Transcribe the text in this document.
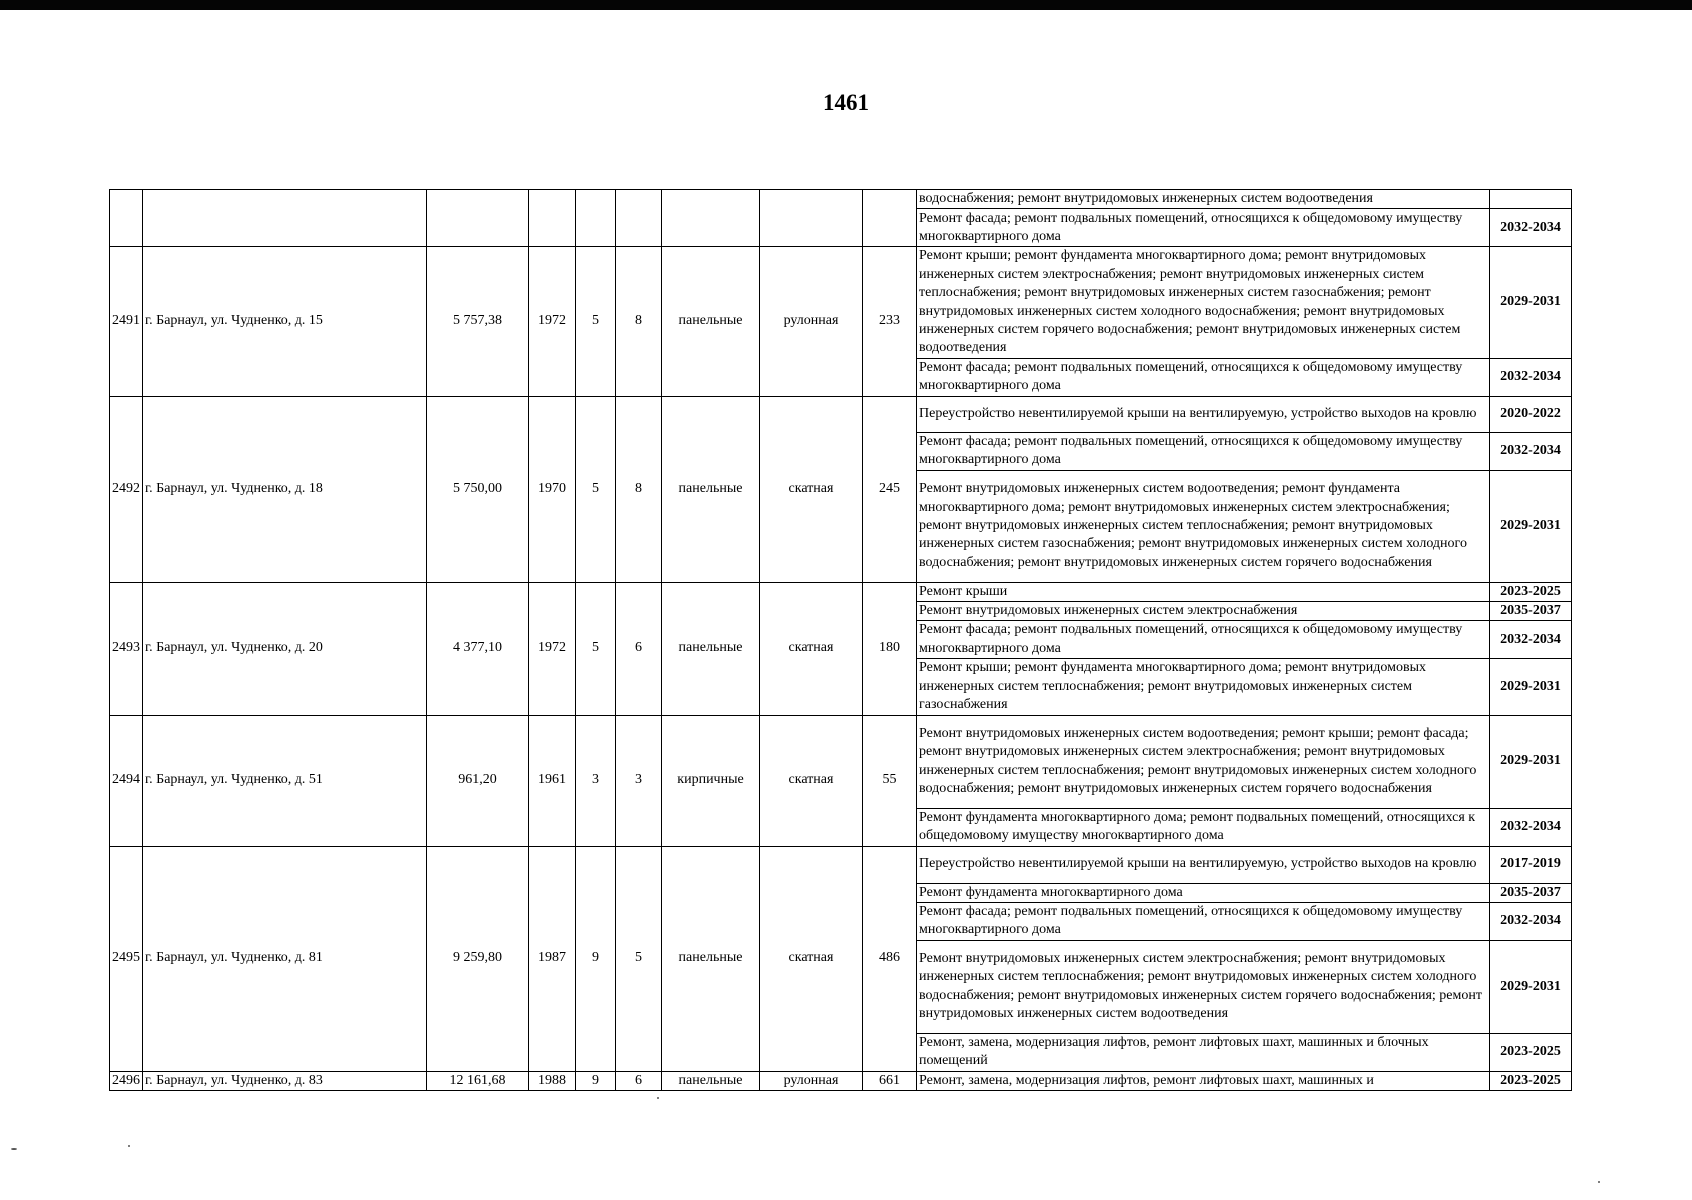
1461
									водоснабжения; ремонт внутридомовых инженерных систем водоотведения	
									Ремонт фасада; ремонт подвальных помещений, относящихся к общедомовому имуществу многоквартирного дома	2032-2034
2491	г. Барнаул, ул. Чудненко, д. 15	5 757,38	1972	5	8	панельные	рулонная	233	Ремонт крыши; ремонт фундамента многоквартирного дома; ремонт внутридомовых инженерных систем электроснабжения; ремонт внутридомовых инженерных систем теплоснабжения; ремонт внутридомовых инженерных систем газоснабжения; ремонт внутридомовых инженерных систем холодного водоснабжения; ремонт внутридомовых инженерных систем горячего водоснабжения; ремонт внутридомовых инженерных систем водоотведения	2029-2031
									Ремонт фасада; ремонт подвальных помещений, относящихся к общедомовому имуществу многоквартирного дома	2032-2034
2492	г. Барнаул, ул. Чудненко, д. 18	5 750,00	1970	5	8	панельные	скатная	245	Переустройство невентилируемой крыши на вентилируемую, устройство выходов на кровлю	2020-2022
									Ремонт фасада; ремонт подвальных помещений, относящихся к общедомовому имуществу многоквартирного дома	2032-2034
									Ремонт внутридомовых инженерных систем водоотведения; ремонт фундамента многоквартирного дома; ремонт внутридомовых инженерных систем электроснабжения; ремонт внутридомовых инженерных систем теплоснабжения; ремонт внутридомовых инженерных систем газоснабжения; ремонт внутридомовых инженерных систем холодного водоснабжения; ремонт внутридомовых инженерных систем горячего водоснабжения	2029-2031
2493	г. Барнаул, ул. Чудненко, д. 20	4 377,10	1972	5	6	панельные	скатная	180	Ремонт крыши	2023-2025
									Ремонт внутридомовых инженерных систем электроснабжения	2035-2037
									Ремонт фасада; ремонт подвальных помещений, относящихся к общедомовому имуществу многоквартирного дома	2032-2034
									Ремонт крыши; ремонт фундамента многоквартирного дома; ремонт внутридомовых инженерных систем теплоснабжения; ремонт внутридомовых инженерных систем газоснабжения	2029-2031
2494	г. Барнаул, ул. Чудненко, д. 51	961,20	1961	3	3	кирпичные	скатная	55	Ремонт внутридомовых инженерных систем водоотведения; ремонт крыши; ремонт фасада; ремонт внутридомовых инженерных систем электроснабжения; ремонт внутридомовых инженерных систем теплоснабжения; ремонт внутридомовых инженерных систем холодного водоснабжения; ремонт внутридомовых инженерных систем горячего водоснабжения	2029-2031
									Ремонт фундамента многоквартирного дома; ремонт подвальных помещений, относящихся к общедомовому имуществу многоквартирного дома	2032-2034
2495	г. Барнаул, ул. Чудненко, д. 81	9 259,80	1987	9	5	панельные	скатная	486	Переустройство невентилируемой крыши на вентилируемую, устройство выходов на кровлю	2017-2019
									Ремонт фундамента многоквартирного дома	2035-2037
									Ремонт фасада; ремонт подвальных помещений, относящихся к общедомовому имуществу многоквартирного дома	2032-2034
									Ремонт внутридомовых инженерных систем электроснабжения; ремонт внутридомовых инженерных систем теплоснабжения; ремонт внутридомовых инженерных систем холодного водоснабжения; ремонт внутридомовых инженерных систем горячего водоснабжения; ремонт внутридомовых инженерных систем водоотведения	2029-2031
									Ремонт, замена, модернизация лифтов, ремонт лифтовых шахт, машинных и блочных помещений	2023-2025
2496	г. Барнаул, ул. Чудненко, д. 83	12 161,68	1988	9	6	панельные	рулонная	661	Ремонт, замена, модернизация лифтов, ремонт лифтовых шахт, машинных и	2023-2025
